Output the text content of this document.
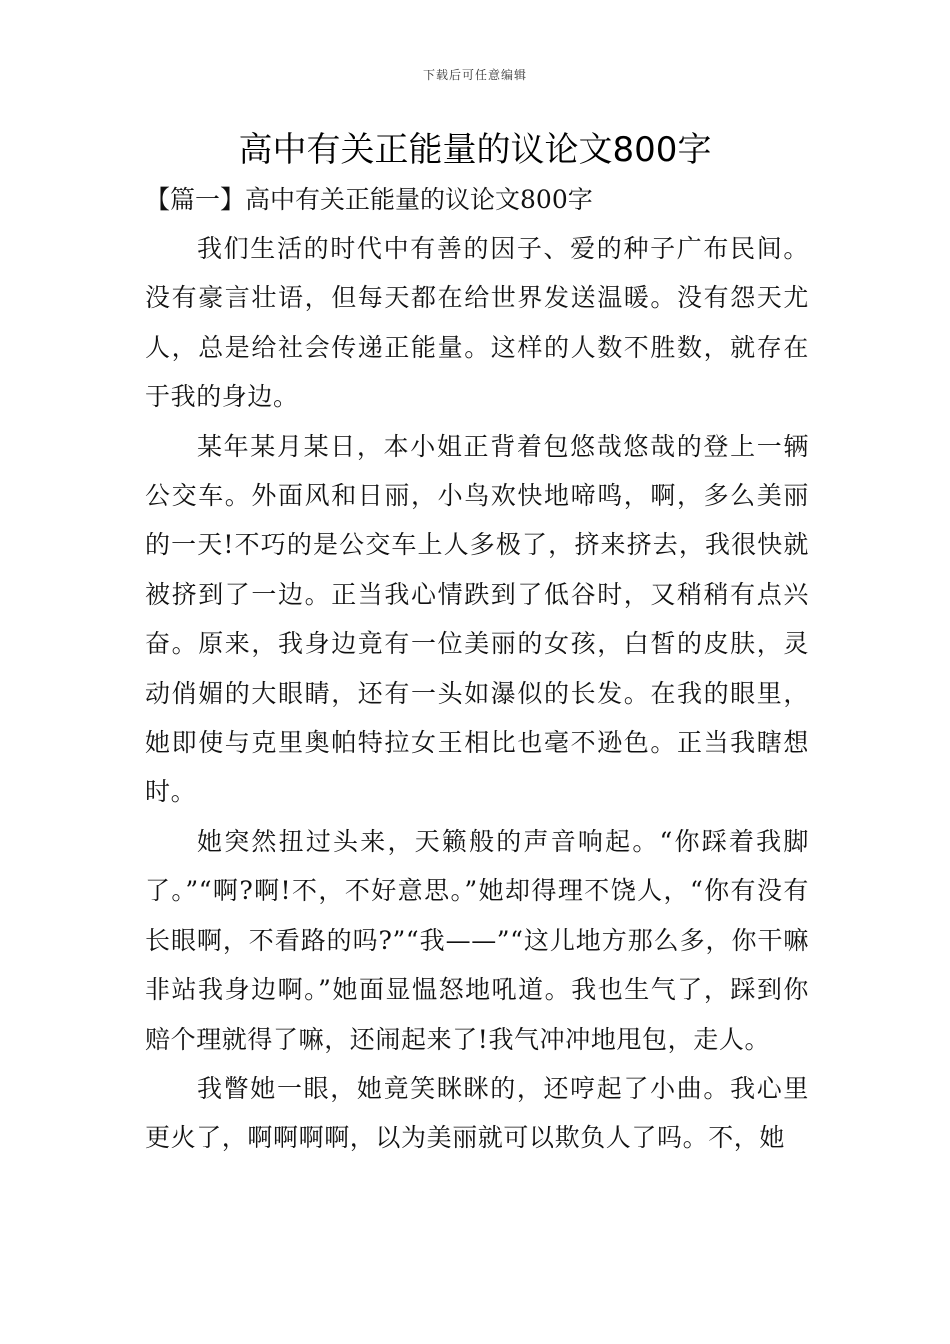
下载后可任意编辑
高中有关正能量的议论文800字
【篇一】高中有关正能量的议论文800字

我们生活的时代中有善的因子、爱的种子广布民间。没有豪言壮语，但每天都在给世界发送温暖。没有怨天尤人，总是给社会传递正能量。这样的人数不胜数，就存在于我的身边。

某年某月某日，本小姐正背着包悠哉悠哉的登上一辆公交车。外面风和日丽，小鸟欢快地啼鸣，啊，多么美丽的一天!不巧的是公交车上人多极了，挤来挤去，我很快就被挤到了一边。正当我心情跌到了低谷时，又稍稍有点兴奋。原来，我身边竟有一位美丽的女孩，白皙的皮肤，灵动俏媚的大眼睛，还有一头如瀑似的长发。在我的眼里，她即使与克里奥帕特拉女王相比也毫不逊色。正当我瞎想时。

她突然扭过头来，天籁般的声音响起。“你踩着我脚了。”“啊?啊!不，不好意思。”她却得理不饶人，“你有没有长眼啊，不看路的吗?”“我——”“这儿地方那么多，你干嘛非站我身边啊。”她面显愠怒地吼道。我也生气了，踩到你赔个理就得了嘛，还闹起来了!我气冲冲地甩包，走人。

我瞥她一眼，她竟笑眯眯的，还哼起了小曲。我心里更火了，啊啊啊啊，以为美丽就可以欺负人了吗。不，她
